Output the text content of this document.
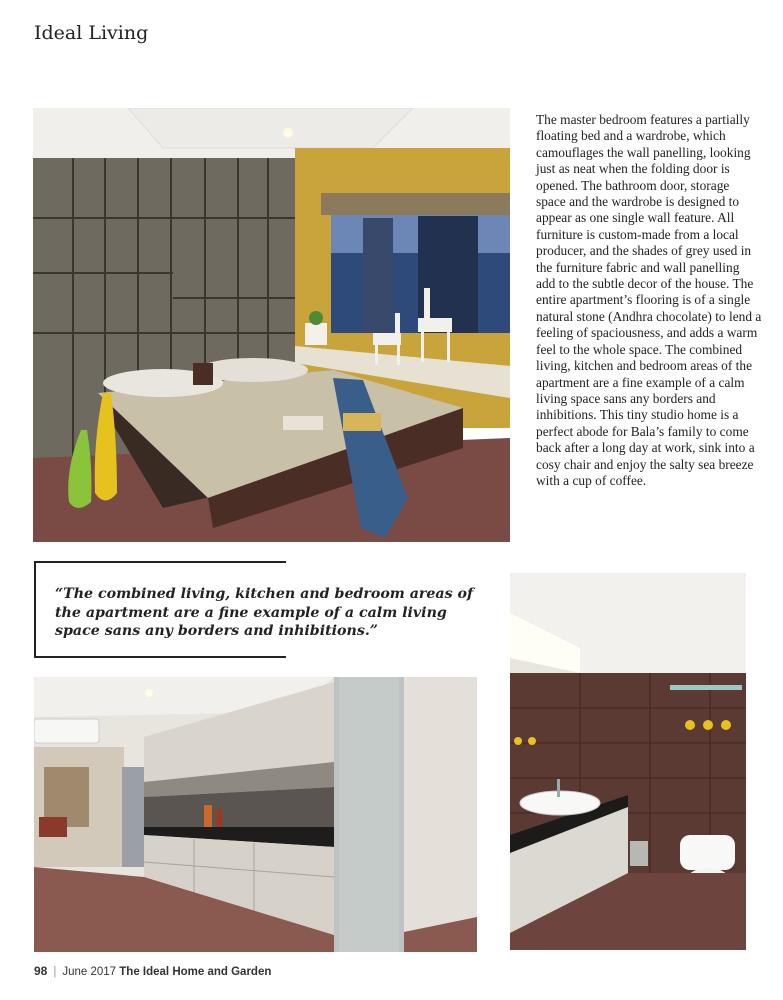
Ideal Living

The master bedroom features a partially floating bed and a wardrobe, which camouflages the wall panelling, looking just as neat when the folding door is opened. The bathroom door, storage space and the wardrobe is designed to appear as one single wall feature. All furniture is custom-made from a local producer, and the shades of grey used in the furniture fabric and wall panelling add to the subtle decor of the house. The entire apartment’s flooring is of a single natural stone (Andhra chocolate) to lend a feeling of spaciousness, and adds a warm feel to the whole space. The combined living, kitchen and bedroom areas of the apartment are a fine example of a calm living space sans any borders and inhibitions. This tiny studio home is a perfect abode for Bala’s family to come back after a long day at work, sink into a cosy chair and enjoy the salty sea breeze with a cup of coffee.

“The combined living, kitchen and bedroom areas of the apartment are a fine example of a calm living space sans any borders and inhibitions.”
98 | June 2017 The Ideal Home and Garden
